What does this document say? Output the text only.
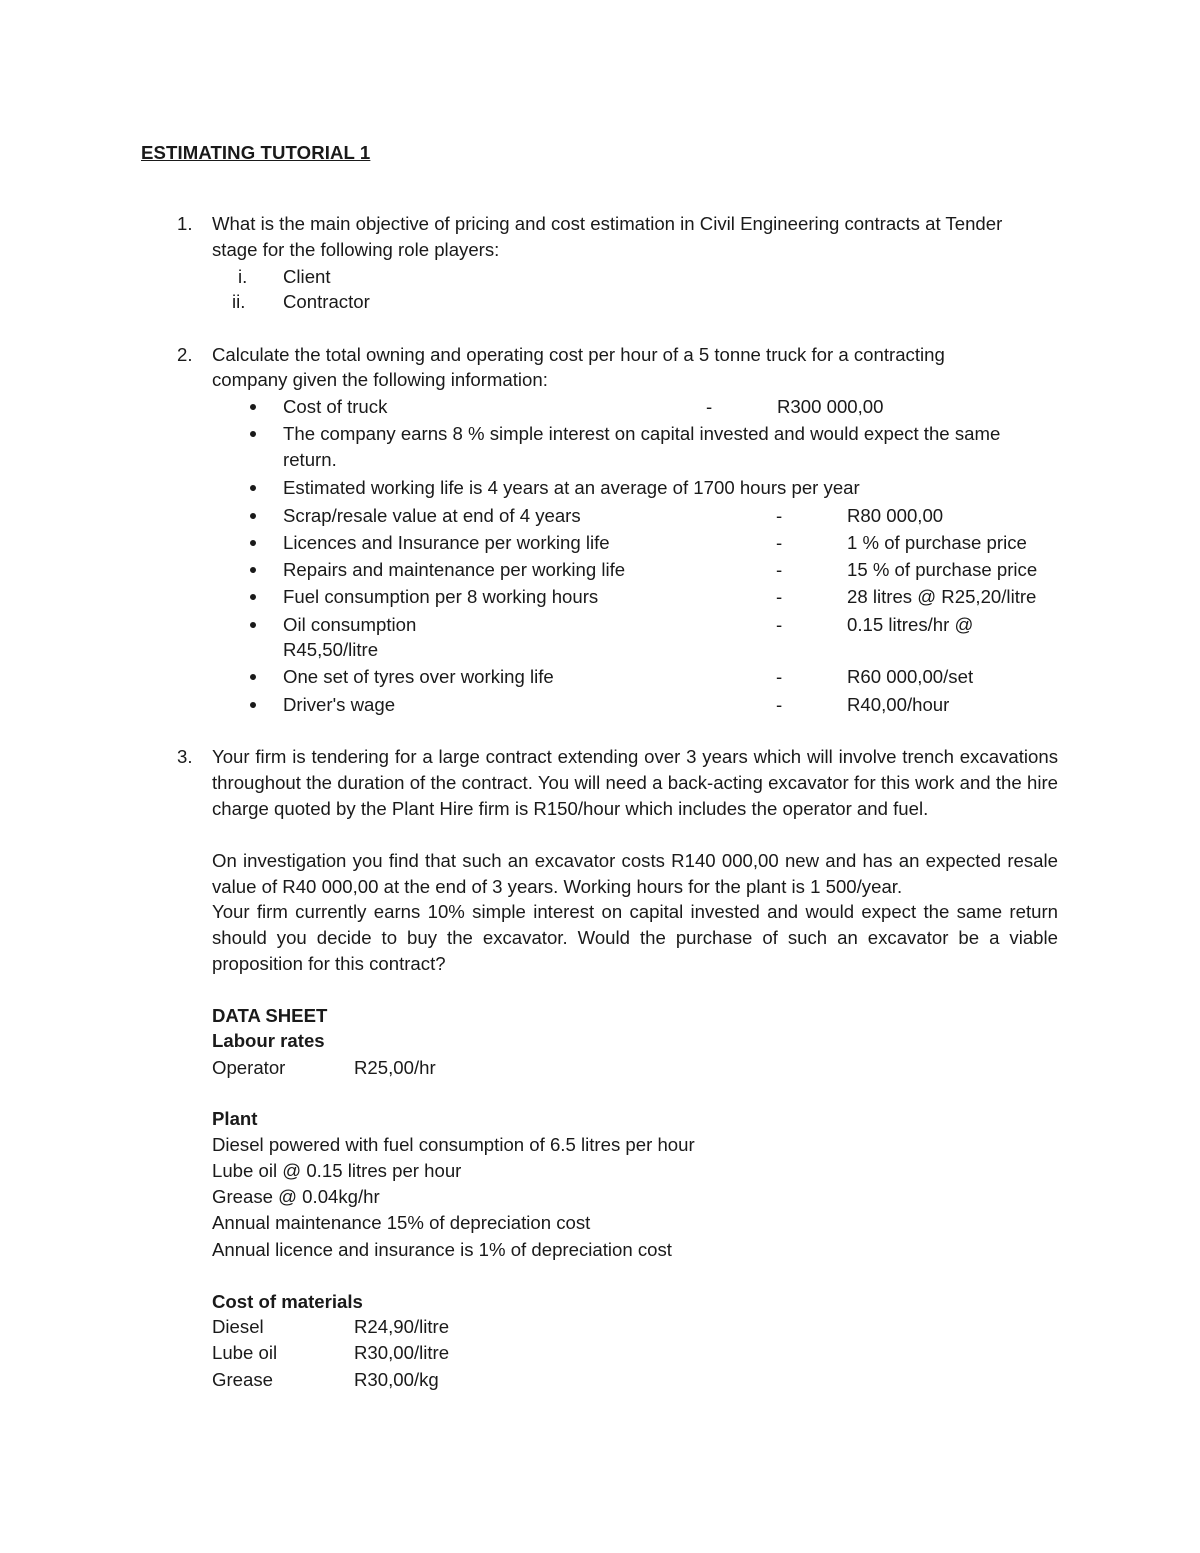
ESTIMATING TUTORIAL 1
1. What is the main objective of pricing and cost estimation in Civil Engineering contracts at Tender
stage for the following role players:
i. Client
ii. Contractor
2. Calculate the total owning and operating cost per hour of a 5 tonne truck for a contracting
company given the following information:
Cost of truck	-	R300 000,00
The company earns 8 % simple interest on capital invested and would expect the same
return.
Estimated working life is 4 years at an average of 1700 hours per year
Scrap/resale value at end of 4 years	-	R80 000,00
Licences and Insurance per working life	-	1 % of purchase price
Repairs and maintenance per working life	-	15 % of purchase price
Fuel consumption per 8 working hours	-	28 litres @ R25,20/litre
Oil consumption	-	0.15 litres/hr @
R45,50/litre
One set of tyres over working life	-	R60 000,00/set
Driver's wage	-	R40,00/hour
3. Your firm is tendering for a large contract extending over 3 years which will involve trench excavations throughout the duration of the contract. You will need a back-acting excavator for this work and the hire charge quoted by the Plant Hire firm is R150/hour which includes the operator and fuel.
On investigation you find that such an excavator costs R140 000,00 new and has an expected resale value of R40 000,00 at the end of 3 years. Working hours for the plant is 1 500/year.
Your firm currently earns 10% simple interest on capital invested and would expect the same return should you decide to buy the excavator. Would the purchase of such an excavator be a viable proposition for this contract?
DATA SHEET
Labour rates
Operator	R25,00/hr
Plant
Diesel powered with fuel consumption of 6.5 litres per hour
Lube oil @ 0.15 litres per hour
Grease @ 0.04kg/hr
Annual maintenance 15% of depreciation cost
Annual licence and insurance is 1% of depreciation cost
Cost of materials
Diesel	R24,90/litre
Lube oil	R30,00/litre
Grease	R30,00/kg
